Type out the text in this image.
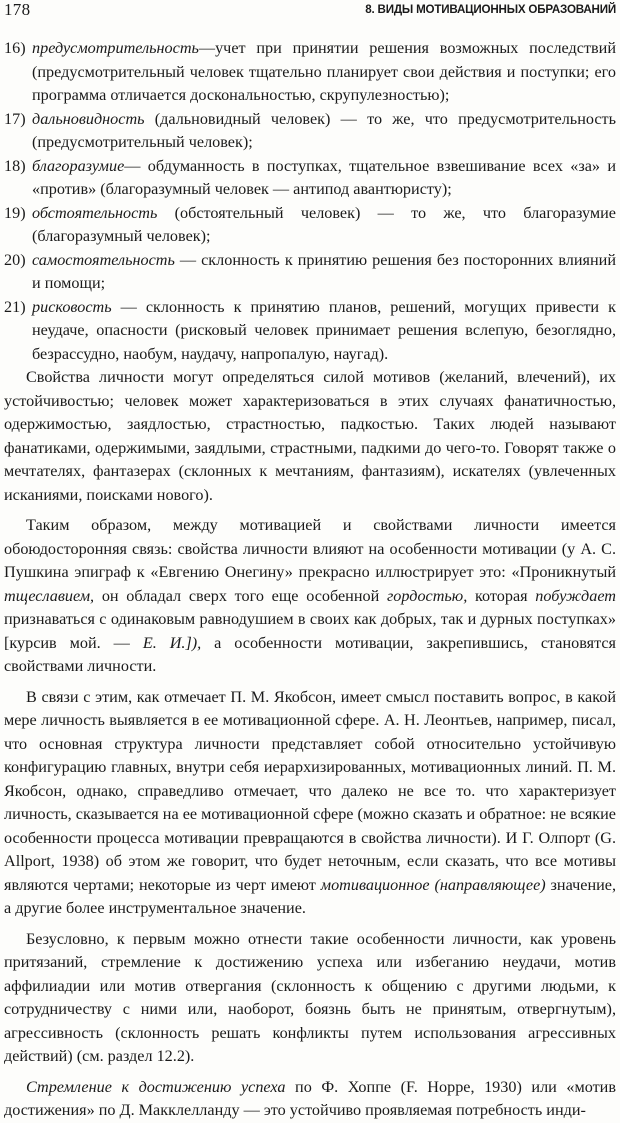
178	8. ВИДЫ МОТИВАЦИОННЫХ ОБРАЗОВАНИЙ
16) предусмотрительность—учет при принятии решения возможных последствий (предусмотрительный человек тщательно планирует свои действия и поступки; его программа отличается доскональностью, скрупулезностью);
17) дальновидность (дальновидный человек) — то же, что предусмотрительность (предусмотрительный человек);
18) благоразумие— обдуманность в поступках, тщательное взвешивание всех «за» и «против» (благоразумный человек — антипод авантюристу);
19) обстоятельность (обстоятельный человек) — то же, что благоразумие (благоразумный человек);
20) самостоятельность — склонность к принятию решения без посторонних влияний и помощи;
21) рисковость — склонность к принятию планов, решений, могущих привести к неудаче, опасности (рисковый человек принимает решения вслепую, безоглядно, безрассудно, наобум, наудачу, напропалую, наугад).

Свойства личности могут определяться силой мотивов (желаний, влечений), их устойчивостью; человек может характеризоваться в этих случаях фанатичностью, одержимостью, заядлостью, страстностью, падкостью. Таких людей называют фанатиками, одержимыми, заядлыми, страстными, падкими до чего-то. Говорят также о мечтателях, фантазерах (склонных к мечтаниям, фантазиям), искателях (увлеченных исканиями, поисками нового).

Таким образом, между мотивацией и свойствами личности имеется обоюдосторонняя связь: свойства личности влияют на особенности мотивации (у А. С. Пушкина эпиграф к «Евгению Онегину» прекрасно иллюстрирует это: «Проникнутый тщеславием, он обладал сверх того еще особенной гордостью, которая побуждает признаваться с одинаковым равнодушием в своих как добрых, так и дурных поступках» [курсив мой. — Е. И.]), а особенности мотивации, закрепившись, становятся свойствами личности.

В связи с этим, как отмечает П. М. Якобсон, имеет смысл поставить вопрос, в какой мере личность выявляется в ее мотивационной сфере. А. Н. Леонтьев, например, писал, что основная структура личности представляет собой относительно устойчивую конфигурацию главных, внутри себя иерархизированных, мотивационных линий. П. М. Якобсон, однако, справедливо отмечает, что далеко не все то. что характеризует личность, сказывается на ее мотивационной сфере (можно сказать и обратное: не всякие особенности процесса мотивации превращаются в свойства личности). И Г. Олпорт (G. Allport, 1938) об этом же говорит, что будет неточным, если сказать, что все мотивы являются чертами; некоторые из черт имеют мотивационное (направляющее) значение, а другие более инструментальное значение.

Безусловно, к первым можно отнести такие особенности личности, как уровень притязаний, стремление к достижению успеха или избеганию неудачи, мотив аффилиадии или мотив отвергания (склонность к общению с другими людьми, к сотрудничеству с ними или, наоборот, боязнь быть не принятым, отвергнутым), агрессивность (склонность решать конфликты путем использования агрессивных действий) (см. раздел 12.2).

Стремление к достижению успеха по Ф. Хоппе (F. Hoppe, 1930) или «мотив достижения» по Д. Макклелланду — это устойчиво проявляемая потребность инди-
